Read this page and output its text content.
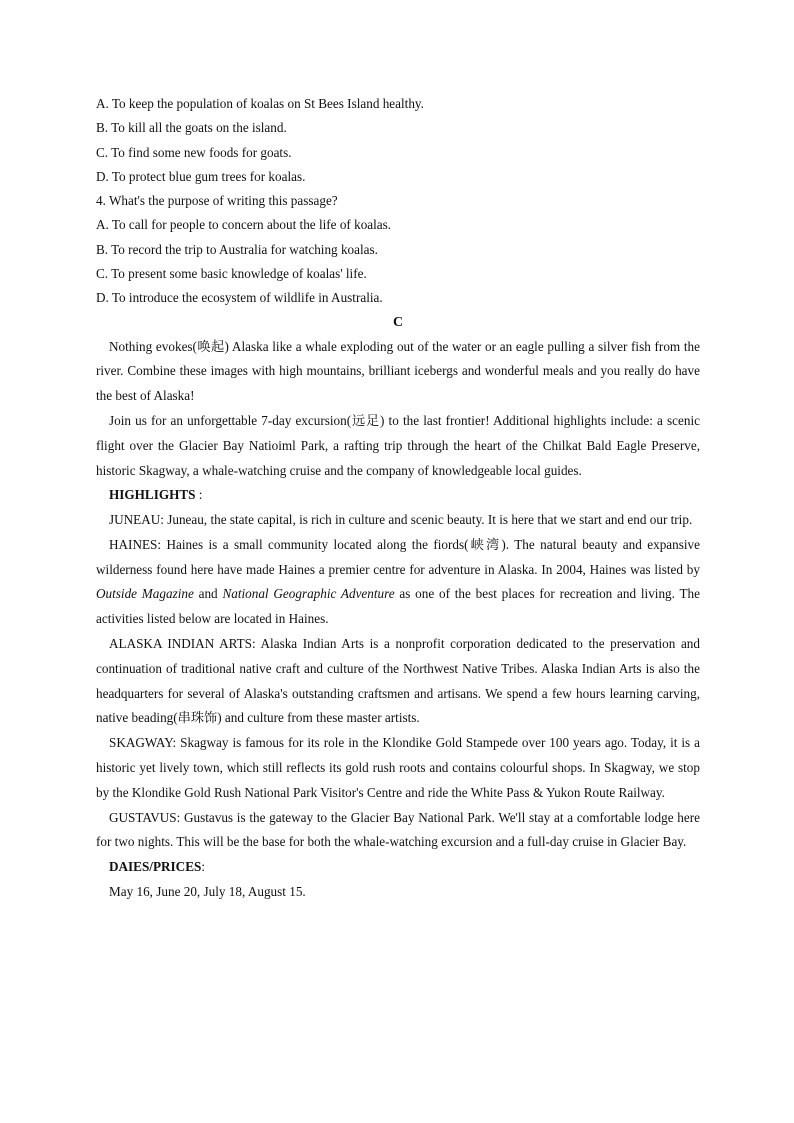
A. To keep the population of koalas on St Bees Island healthy.

B. To kill all the goats on the island.

C. To find some new foods for goats.

D. To protect blue gum trees for koalas.

4. What's the purpose of writing this passage?

A. To call for people to concern about the life of koalas.

B. To record the trip to Australia for watching koalas.

C. To present some basic knowledge of koalas' life.

D. To introduce the ecosystem of wildlife in Australia.

C

Nothing evokes(唤起) Alaska like a whale exploding out of the water or an eagle pulling a silver fish from the river. Combine these images with high mountains, brilliant icebergs and wonderful meals and you really do have the best of Alaska!

Join us for an unforgettable 7-day excursion(远足) to the last frontier! Additional highlights include: a scenic flight over the Glacier Bay Natioiml Park, a rafting trip through the heart of the Chilkat Bald Eagle Preserve, historic Skagway, a whale-watching cruise and the company of knowledgeable local guides.

HIGHLIGHTS :

JUNEAU: Juneau, the state capital, is rich in culture and scenic beauty. It is here that we start and end our trip.

HAINES: Haines is a small community located along the fiords(峡湾). The natural beauty and expansive wilderness found here have made Haines a premier centre for adventure in Alaska. In 2004, Haines was listed by Outside Magazine and National Geographic Adventure as one of the best places for recreation and living. The activities listed below are located in Haines.

ALASKA INDIAN ARTS: Alaska Indian Arts is a nonprofit corporation dedicated to the preservation and continuation of traditional native craft and culture of the Northwest Native Tribes. Alaska Indian Arts is also the headquarters for several of Alaska's outstanding craftsmen and artisans. We spend a few hours learning carving, native beading(串珠饰) and culture from these master artists.

SKAGWAY: Skagway is famous for its role in the Klondike Gold Stampede over 100 years ago. Today, it is a historic yet lively town, which still reflects its gold rush roots and contains colourful shops. In Skagway, we stop by the Klondike Gold Rush National Park Visitor's Centre and ride the White Pass & Yukon Route Railway.

GUSTAVUS: Gustavus is the gateway to the Glacier Bay National Park. We'll stay at a comfortable lodge here for two nights. This will be the base for both the whale-watching excursion and a full-day cruise in Glacier Bay.

DAIES/PRICES:

May 16, June 20, July 18, August 15.
